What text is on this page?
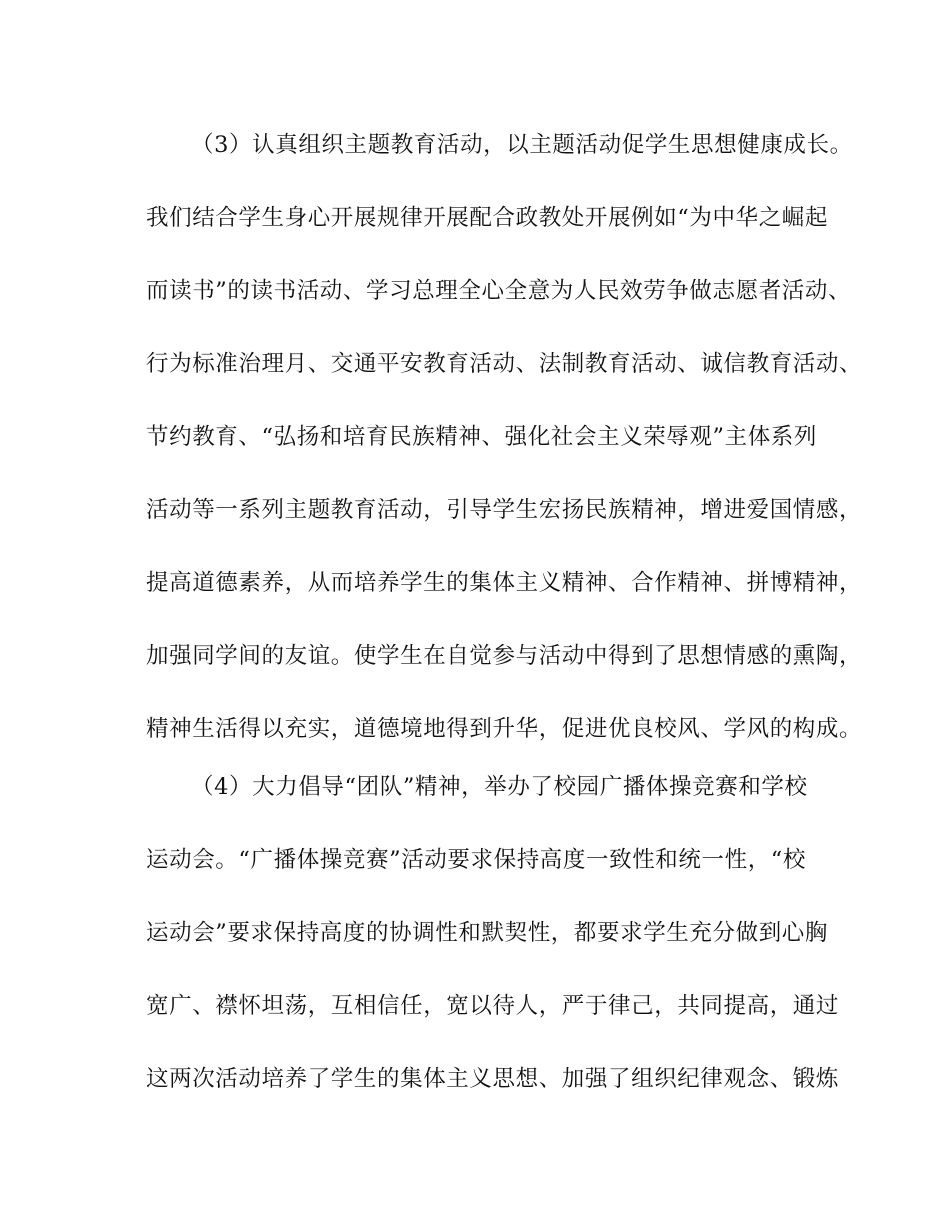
（3）认真组织主题教育活动，以主题活动促学生思想健康成长。
我们结合学生身心开展规律开展配合政教处开展例如“为中华之崛起
而读书”的读书活动、学习总理全心全意为人民效劳争做志愿者活动、
行为标准治理月、交通平安教育活动、法制教育活动、诚信教育活动、
节约教育、“弘扬和培育民族精神、强化社会主义荣辱观”主体系列
活动等一系列主题教育活动，引导学生宏扬民族精神，增进爱国情感，
提高道德素养，从而培养学生的集体主义精神、合作精神、拼博精神，
加强同学间的友谊。使学生在自觉参与活动中得到了思想情感的熏陶，
精神生活得以充实，道德境地得到升华，促进优良校风、学风的构成。
（4）大力倡导“团队”精神，举办了校园广播体操竞赛和学校
运动会。“广播体操竞赛”活动要求保持高度一致性和统一性，“校
运动会”要求保持高度的协调性和默契性，都要求学生充分做到心胸
宽广、襟怀坦荡，互相信任，宽以待人，严于律己，共同提高，通过
这两次活动培养了学生的集体主义思想、加强了组织纪律观念、锻炼
